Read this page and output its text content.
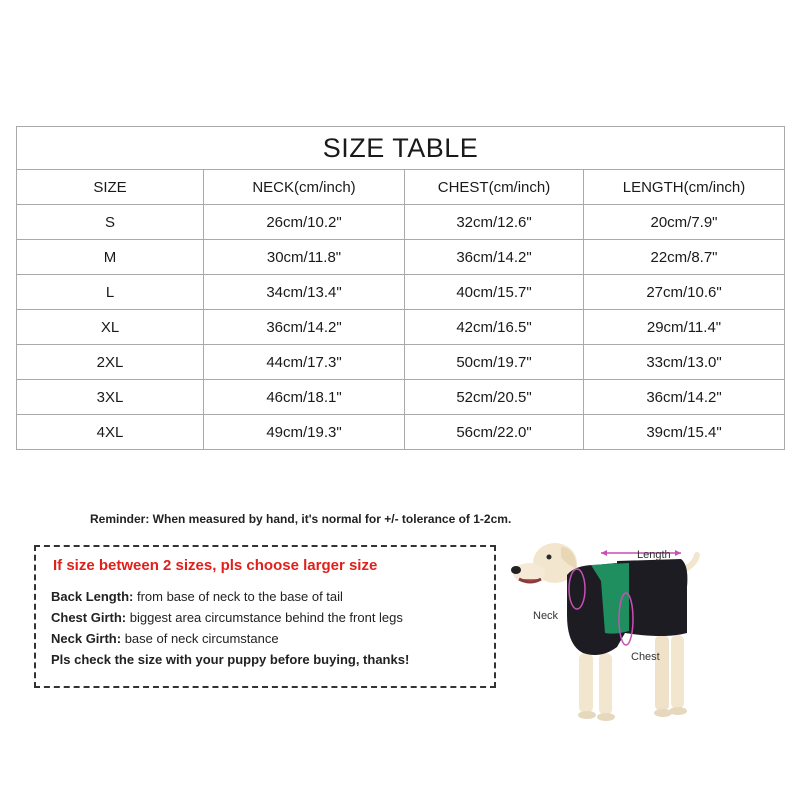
SIZE TABLE			
SIZE	NECK(cm/inch)	CHEST(cm/inch)	LENGTH(cm/inch)
S	26cm/10.2"	32cm/12.6"	20cm/7.9"
M	30cm/11.8"	36cm/14.2"	22cm/8.7"
L	34cm/13.4"	40cm/15.7"	27cm/10.6"
XL	36cm/14.2"	42cm/16.5"	29cm/11.4"
2XL	44cm/17.3"	50cm/19.7"	33cm/13.0"
3XL	46cm/18.1"	52cm/20.5"	36cm/14.2"
4XL	49cm/19.3"	56cm/22.0"	39cm/15.4"
Reminder: When measured by hand, it's normal for +/- tolerance of 1-2cm.
If size between 2 sizes, pls choose larger size
Back Length: from base of neck to the base of tail
Chest Girth: biggest area circumstance behind the front legs
Neck Girth: base of neck circumstance
Pls check the size with your puppy before buying, thanks!
Length
Neck
Chest
